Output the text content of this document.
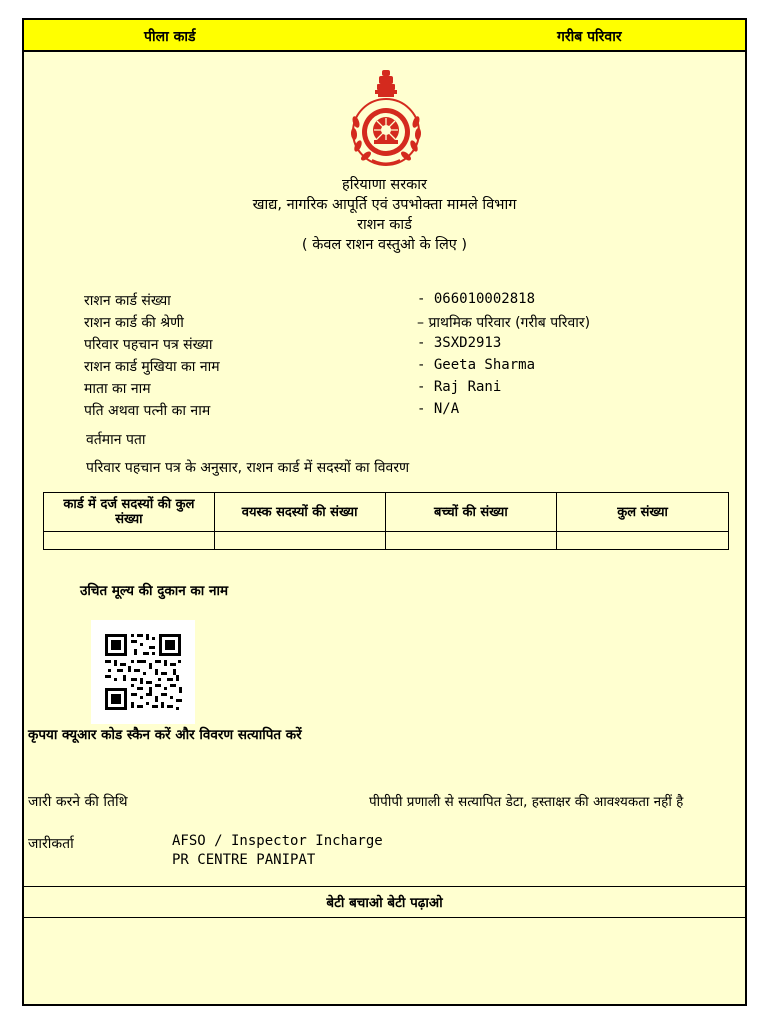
पीला कार्ड	गरीब परिवार
हरियाणा सरकार
खाद्य, नागरिक आपूर्ति एवं उपभोक्ता मामले विभाग
राशन कार्ड
( केवल राशन वस्तुओ के लिए )
राशन कार्ड संख्या	- 066010002818
राशन कार्ड की श्रेणी	– प्राथमिक परिवार (गरीब परिवार)
परिवार पहचान पत्र संख्या	- 3SXD2913
राशन कार्ड मुखिया का नाम	- Geeta Sharma
माता का नाम	- Raj Rani
पति अथवा पत्नी का नाम	- N/A
वर्तमान पता
परिवार पहचान पत्र के अनुसार, राशन कार्ड में सदस्यों का विवरण
कार्ड में दर्ज सदस्यों की कुल संख्या	वयस्क सदस्यों की संख्या	बच्चों की संख्या	कुल संख्या

उचित मूल्य की दुकान का नाम
कृपया क्यूआर कोड स्कैन करें और विवरण सत्यापित करें
जारी करने की तिथि	पीपीपी प्रणाली से सत्यापित डेटा, हस्ताक्षर की आवश्यकता नहीं है
जारीकर्ता	AFSO / Inspector Incharge
PR CENTRE PANIPAT
बेटी बचाओ बेटी पढ़ाओ
